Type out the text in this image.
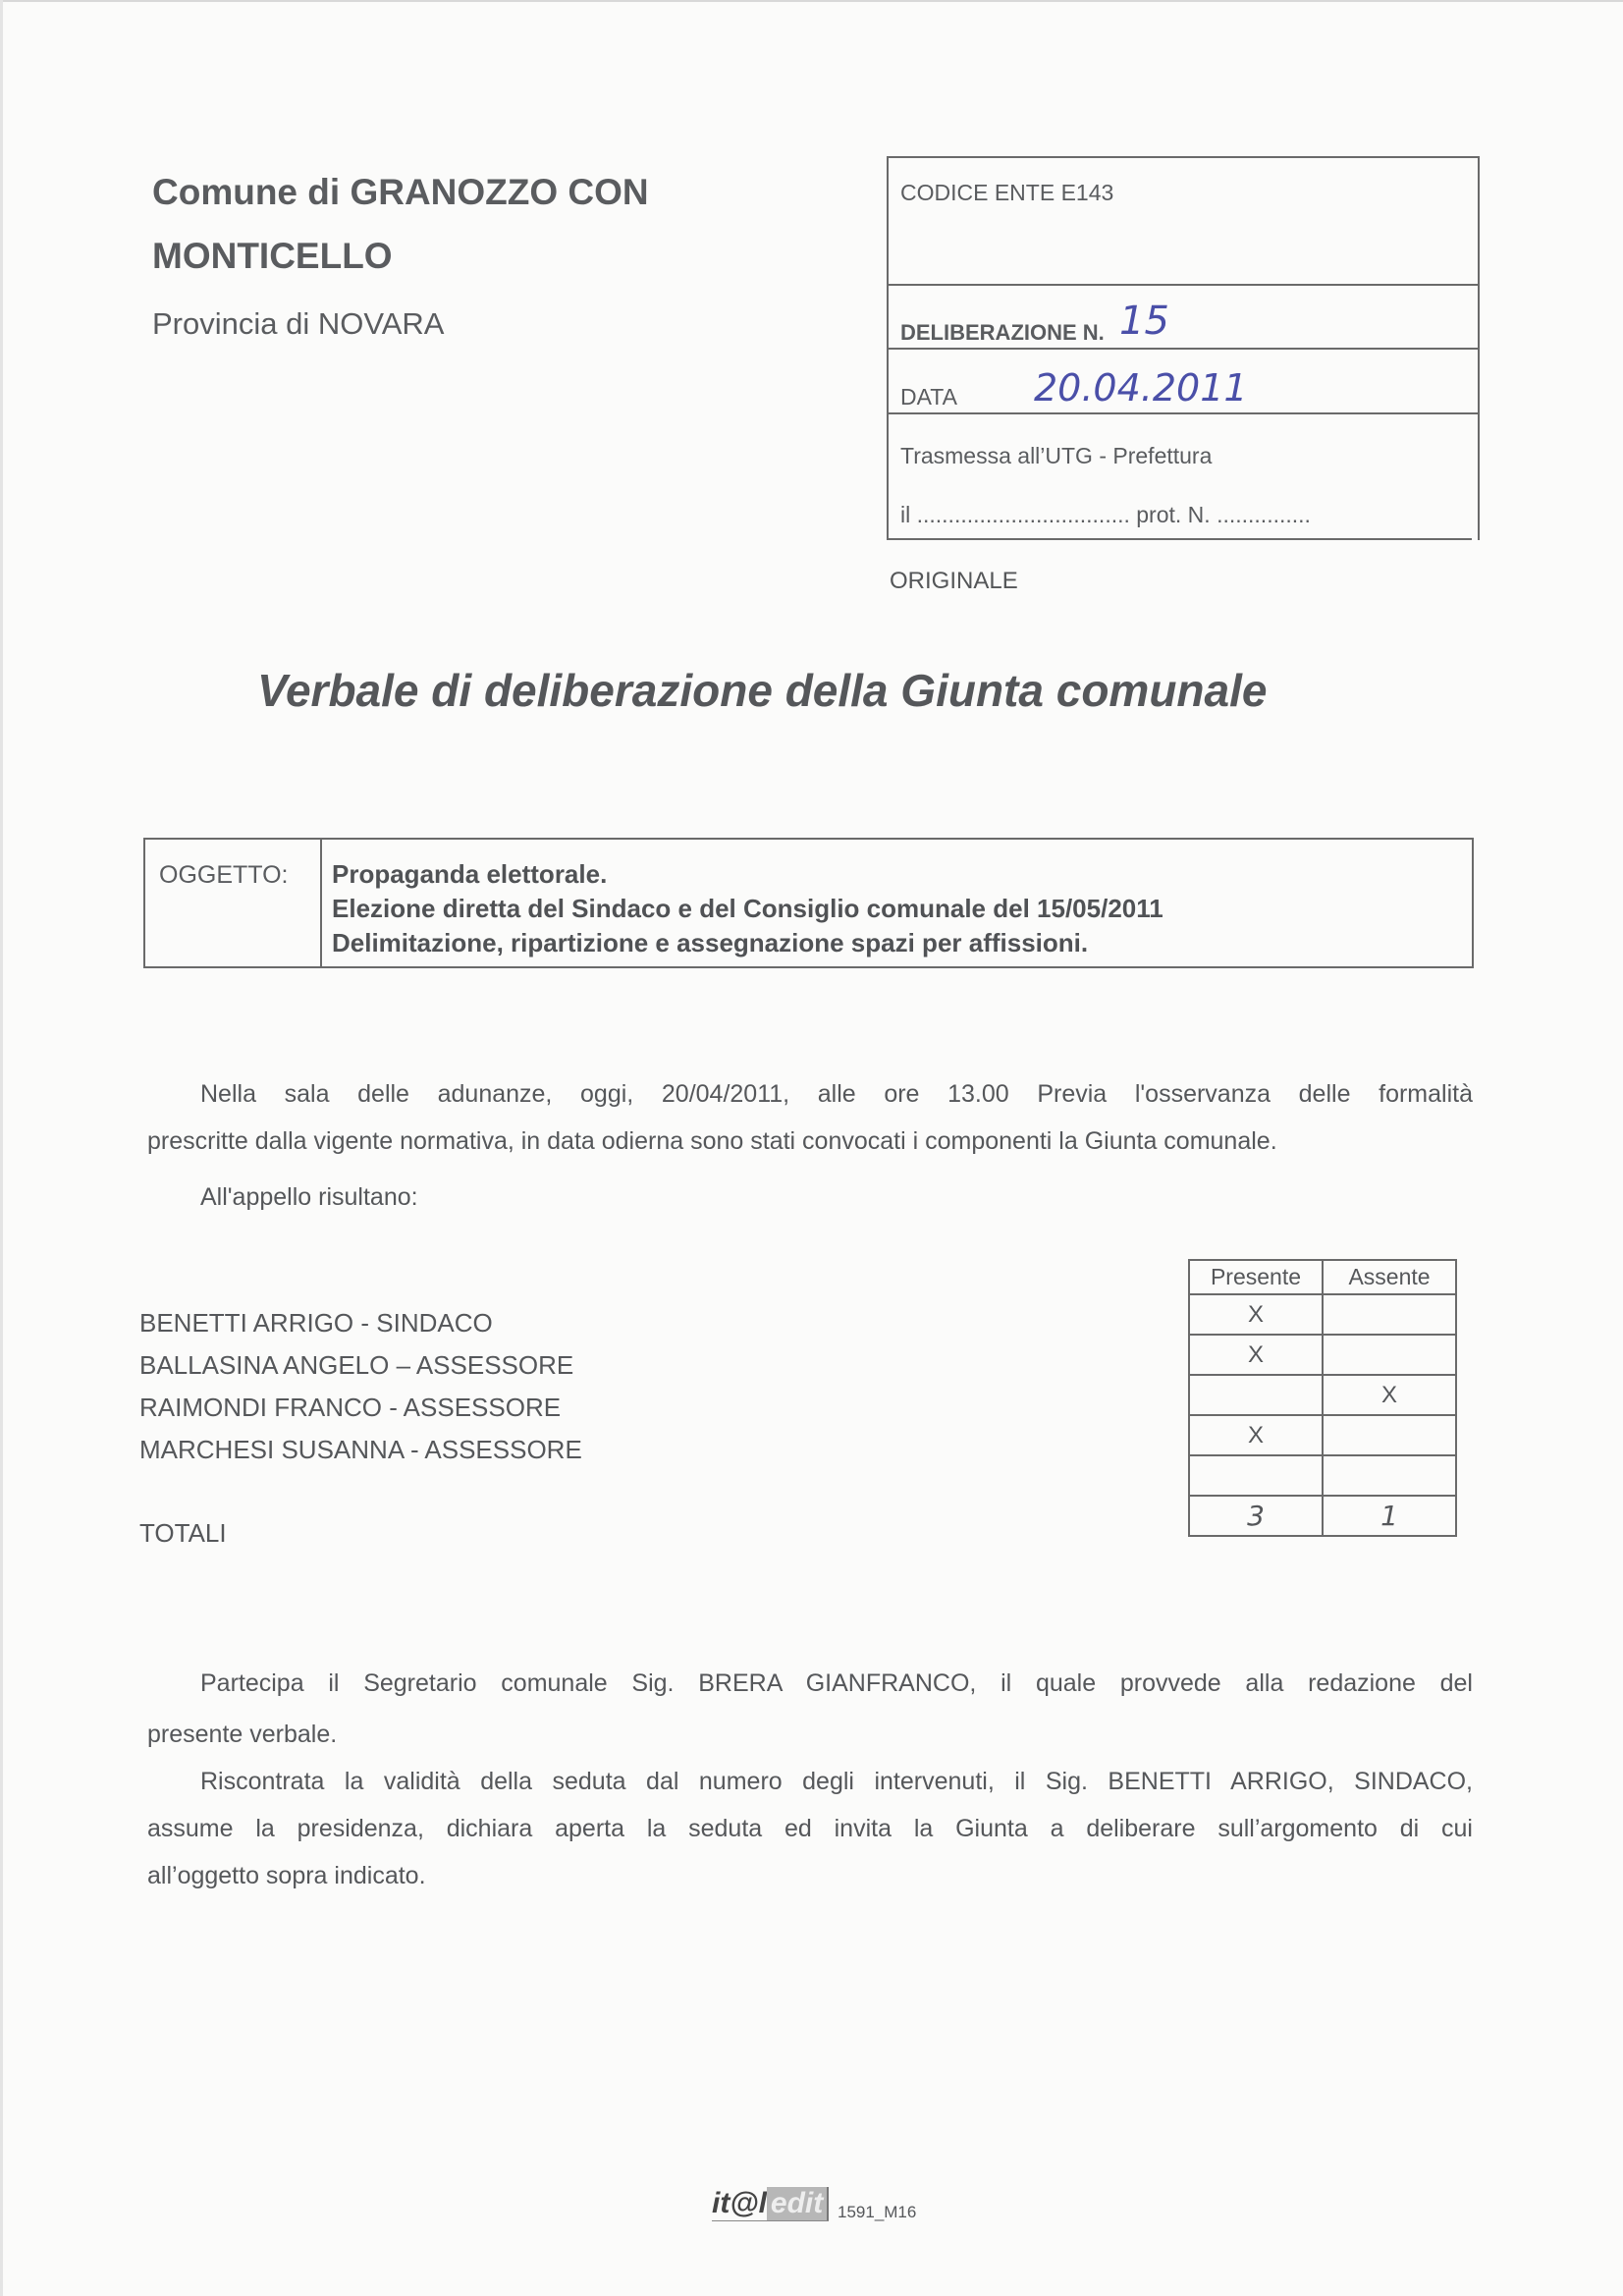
Comune di GRANOZZO CON
MONTICELLO
Provincia di NOVARA
CODICE ENTE E143
DELIBERAZIONE N. 15
DATA 20.04.2011
Trasmessa all’UTG - Prefettura
il .................................. prot. N. ...............
ORIGINALE
Verbale di deliberazione della Giunta comunale
OGGETTO: Propaganda elettorale.
Elezione diretta del Sindaco e del Consiglio comunale del 15/05/2011
Delimitazione, ripartizione e assegnazione spazi per affissioni.
Nella sala delle adunanze, oggi, 20/04/2011, alle ore 13.00 Previa l'osservanza delle formalità
prescritte dalla vigente normativa, in data odierna sono stati convocati i componenti la Giunta comunale.
All'appello risultano:
BENETTI ARRIGO - SINDACO
BALLASINA ANGELO – ASSESSORE
RAIMONDI FRANCO - ASSESSORE
MARCHESI SUSANNA - ASSESSORE
TOTALI
Presente	Assente
X	
X	
	X
X	

3	1
Partecipa il Segretario comunale Sig. BRERA GIANFRANCO, il quale provvede alla redazione del
presente verbale.
Riscontrata la validità della seduta dal numero degli intervenuti, il Sig. BENETTI ARRIGO, SINDACO,
assume la presidenza, dichiara aperta la seduta ed invita la Giunta a deliberare sull’argomento di cui
all’oggetto sopra indicato.
it@l edit 1591_M16
